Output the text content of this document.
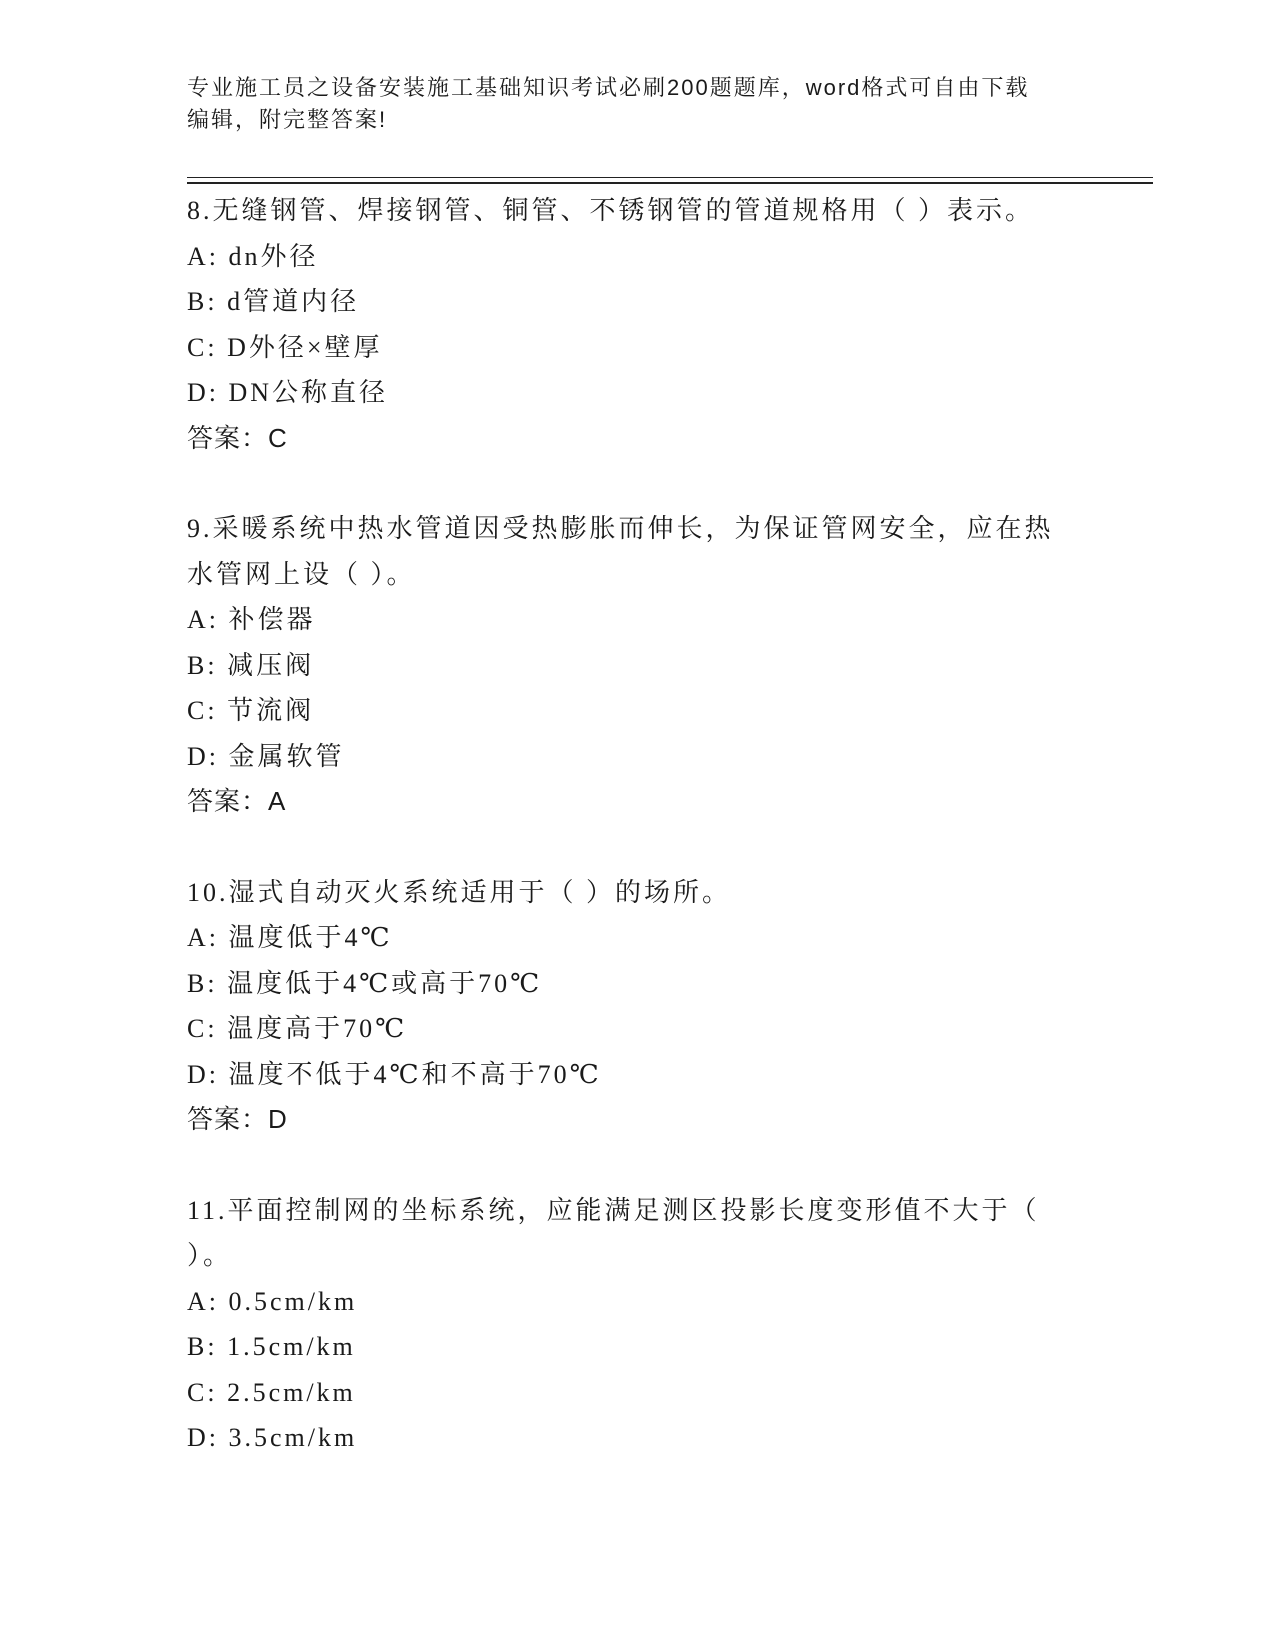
专业施工员之设备安装施工基础知识考试必刷200题题库，word格式可自由下载
编辑，附完整答案!
8.无缝钢管、焊接钢管、铜管、不锈钢管的管道规格用（ ）表示。
A: dn外径
B: d管道内径
C: D外径×壁厚
D: DN公称直径
答案：C
9.采暖系统中热水管道因受热膨胀而伸长，为保证管网安全，应在热
水管网上设（ ）。
A: 补偿器
B: 减压阀
C: 节流阀
D: 金属软管
答案：A
10.湿式自动灭火系统适用于（ ）的场所。
A: 温度低于4℃
B: 温度低于4℃或高于70℃
C: 温度高于70℃
D: 温度不低于4℃和不高于70℃
答案：D
11.平面控制网的坐标系统，应能满足测区投影长度变形值不大于（
）。
A: 0.5cm/km
B: 1.5cm/km
C: 2.5cm/km
D: 3.5cm/km
